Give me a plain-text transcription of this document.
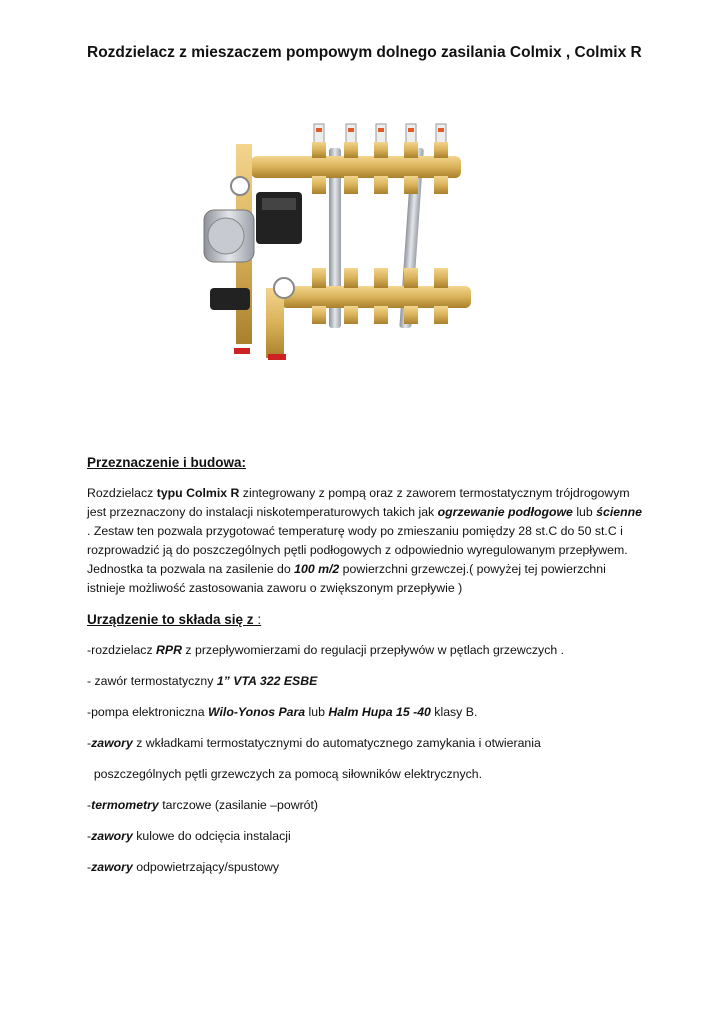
Rozdzielacz z mieszaczem pompowym dolnego zasilania Colmix , Colmix R
Przeznaczenie i budowa:
Rozdzielacz typu Colmix R zintegrowany z pompą oraz z zaworem termostatycznym trójdrogowym jest przeznaczony do instalacji niskotemperaturowych takich jak ogrzewanie podłogowe lub ścienne . Zestaw ten pozwala przygotować temperaturę wody po zmieszaniu pomiędzy 28 st.C do 50 st.C i rozprowadzić ją do poszczególnych pętli podłogowych z odpowiednio wyregulowanym przepływem. Jednostka ta pozwala na zasilenie do 100 m/2 powierzchni grzewczej.( powyżej tej powierzchni istnieje możliwość zastosowania zaworu o zwiększonym przepływie )
Urządzenie to składa się z :
-rozdzielacz RPR z przepływomierzami do regulacji przepływów w pętlach grzewczych .
- zawór termostatyczny 1” VTA 322 ESBE
-pompa elektroniczna Wilo-Yonos Para lub Halm Hupa 15 -40 klasy B.
-zawory z wkładkami termostatycznymi do automatycznego zamykania i otwierania
poszczególnych pętli grzewczych za pomocą siłowników elektrycznych.
-termometry tarczowe (zasilanie –powrót)
-zawory kulowe do odcięcia instalacji
-zawory odpowietrzający/spustowy
